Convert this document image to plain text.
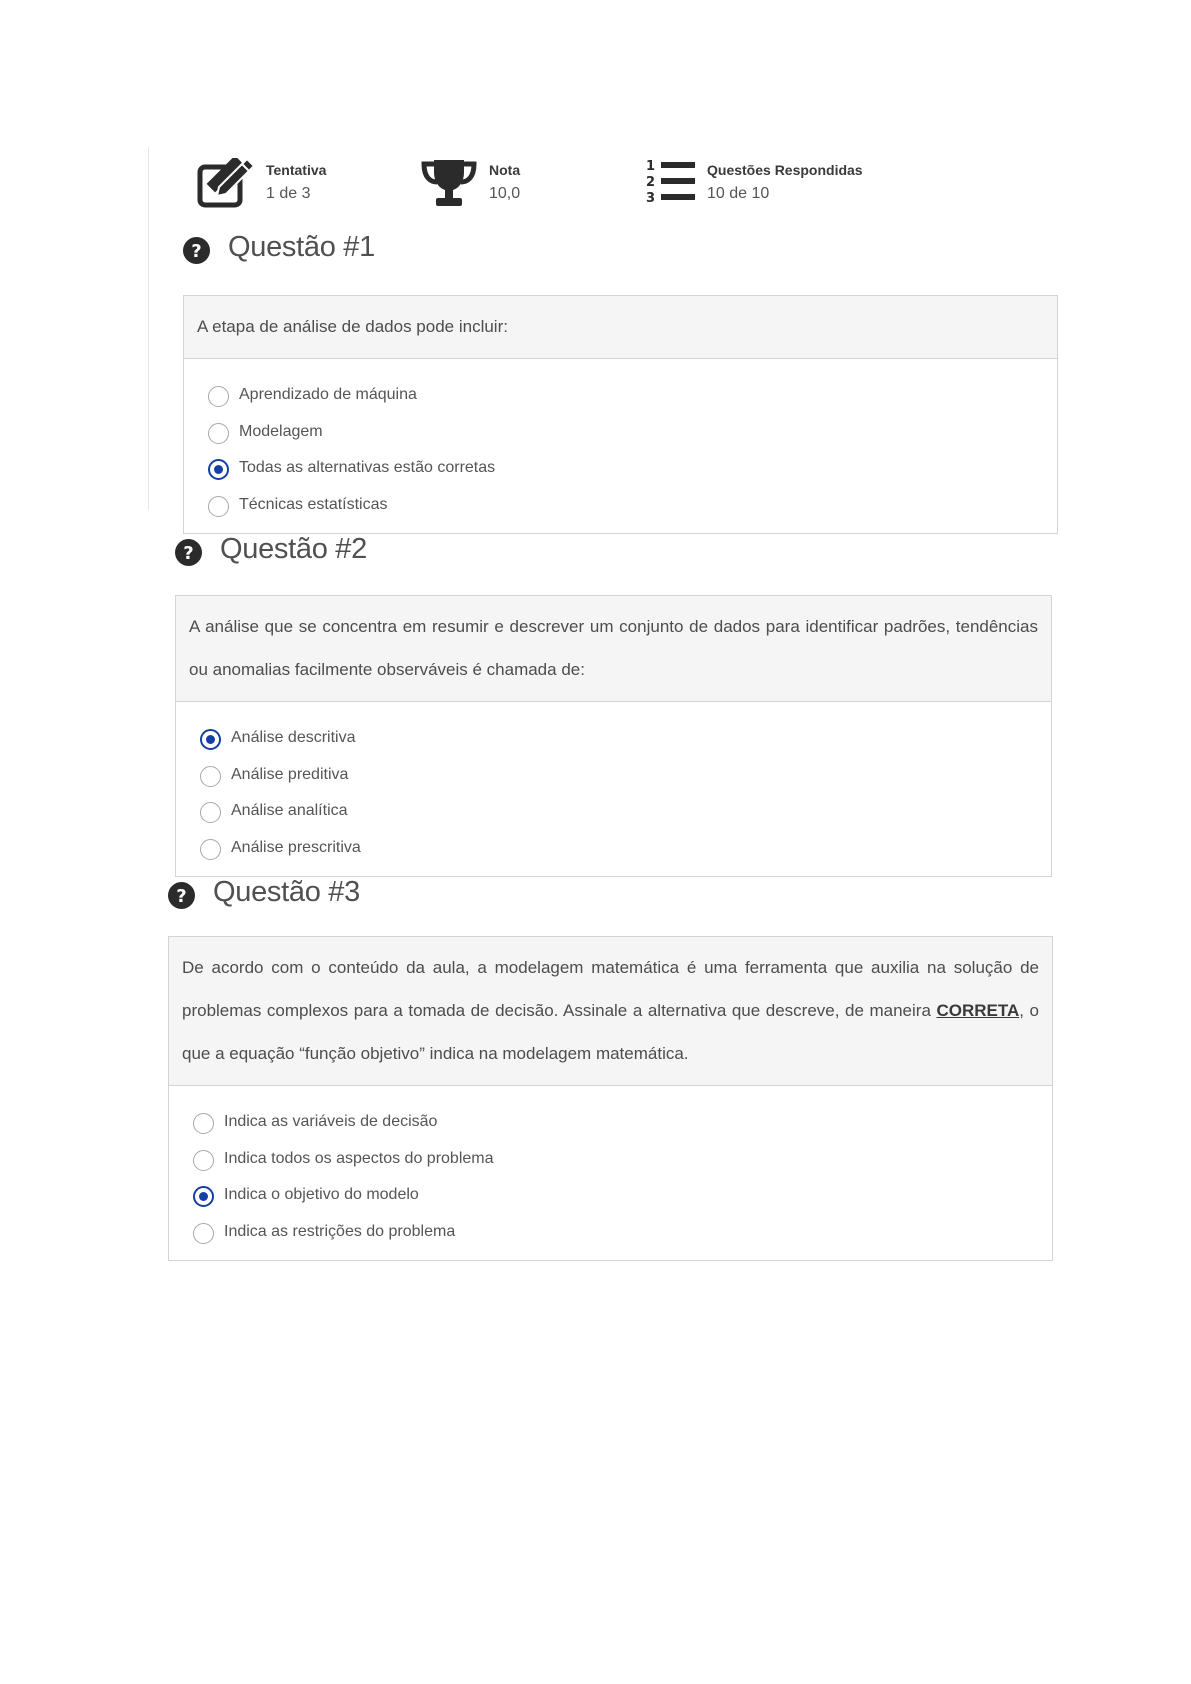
Tentativa
1 de 3
Nota
10,0
1
2
3
Questões Respondidas
10 de 10
? Questão #1
A etapa de análise de dados pode incluir:
Aprendizado de máquina
Modelagem
Todas as alternativas estão corretas
Técnicas estatísticas
? Questão #2
A análise que se concentra em resumir e descrever um conjunto de dados para identificar padrões, tendências ou anomalias facilmente observáveis é chamada de:
Análise descritiva
Análise preditiva
Análise analítica
Análise prescritiva
? Questão #3
De acordo com o conteúdo da aula, a modelagem matemática é uma ferramenta que auxilia na solução de problemas complexos para a tomada de decisão. Assinale a alternativa que descreve, de maneira CORRETA, o que a equação “função objetivo” indica na modelagem matemática.
Indica as variáveis de decisão
Indica todos os aspectos do problema
Indica o objetivo do modelo
Indica as restrições do problema
